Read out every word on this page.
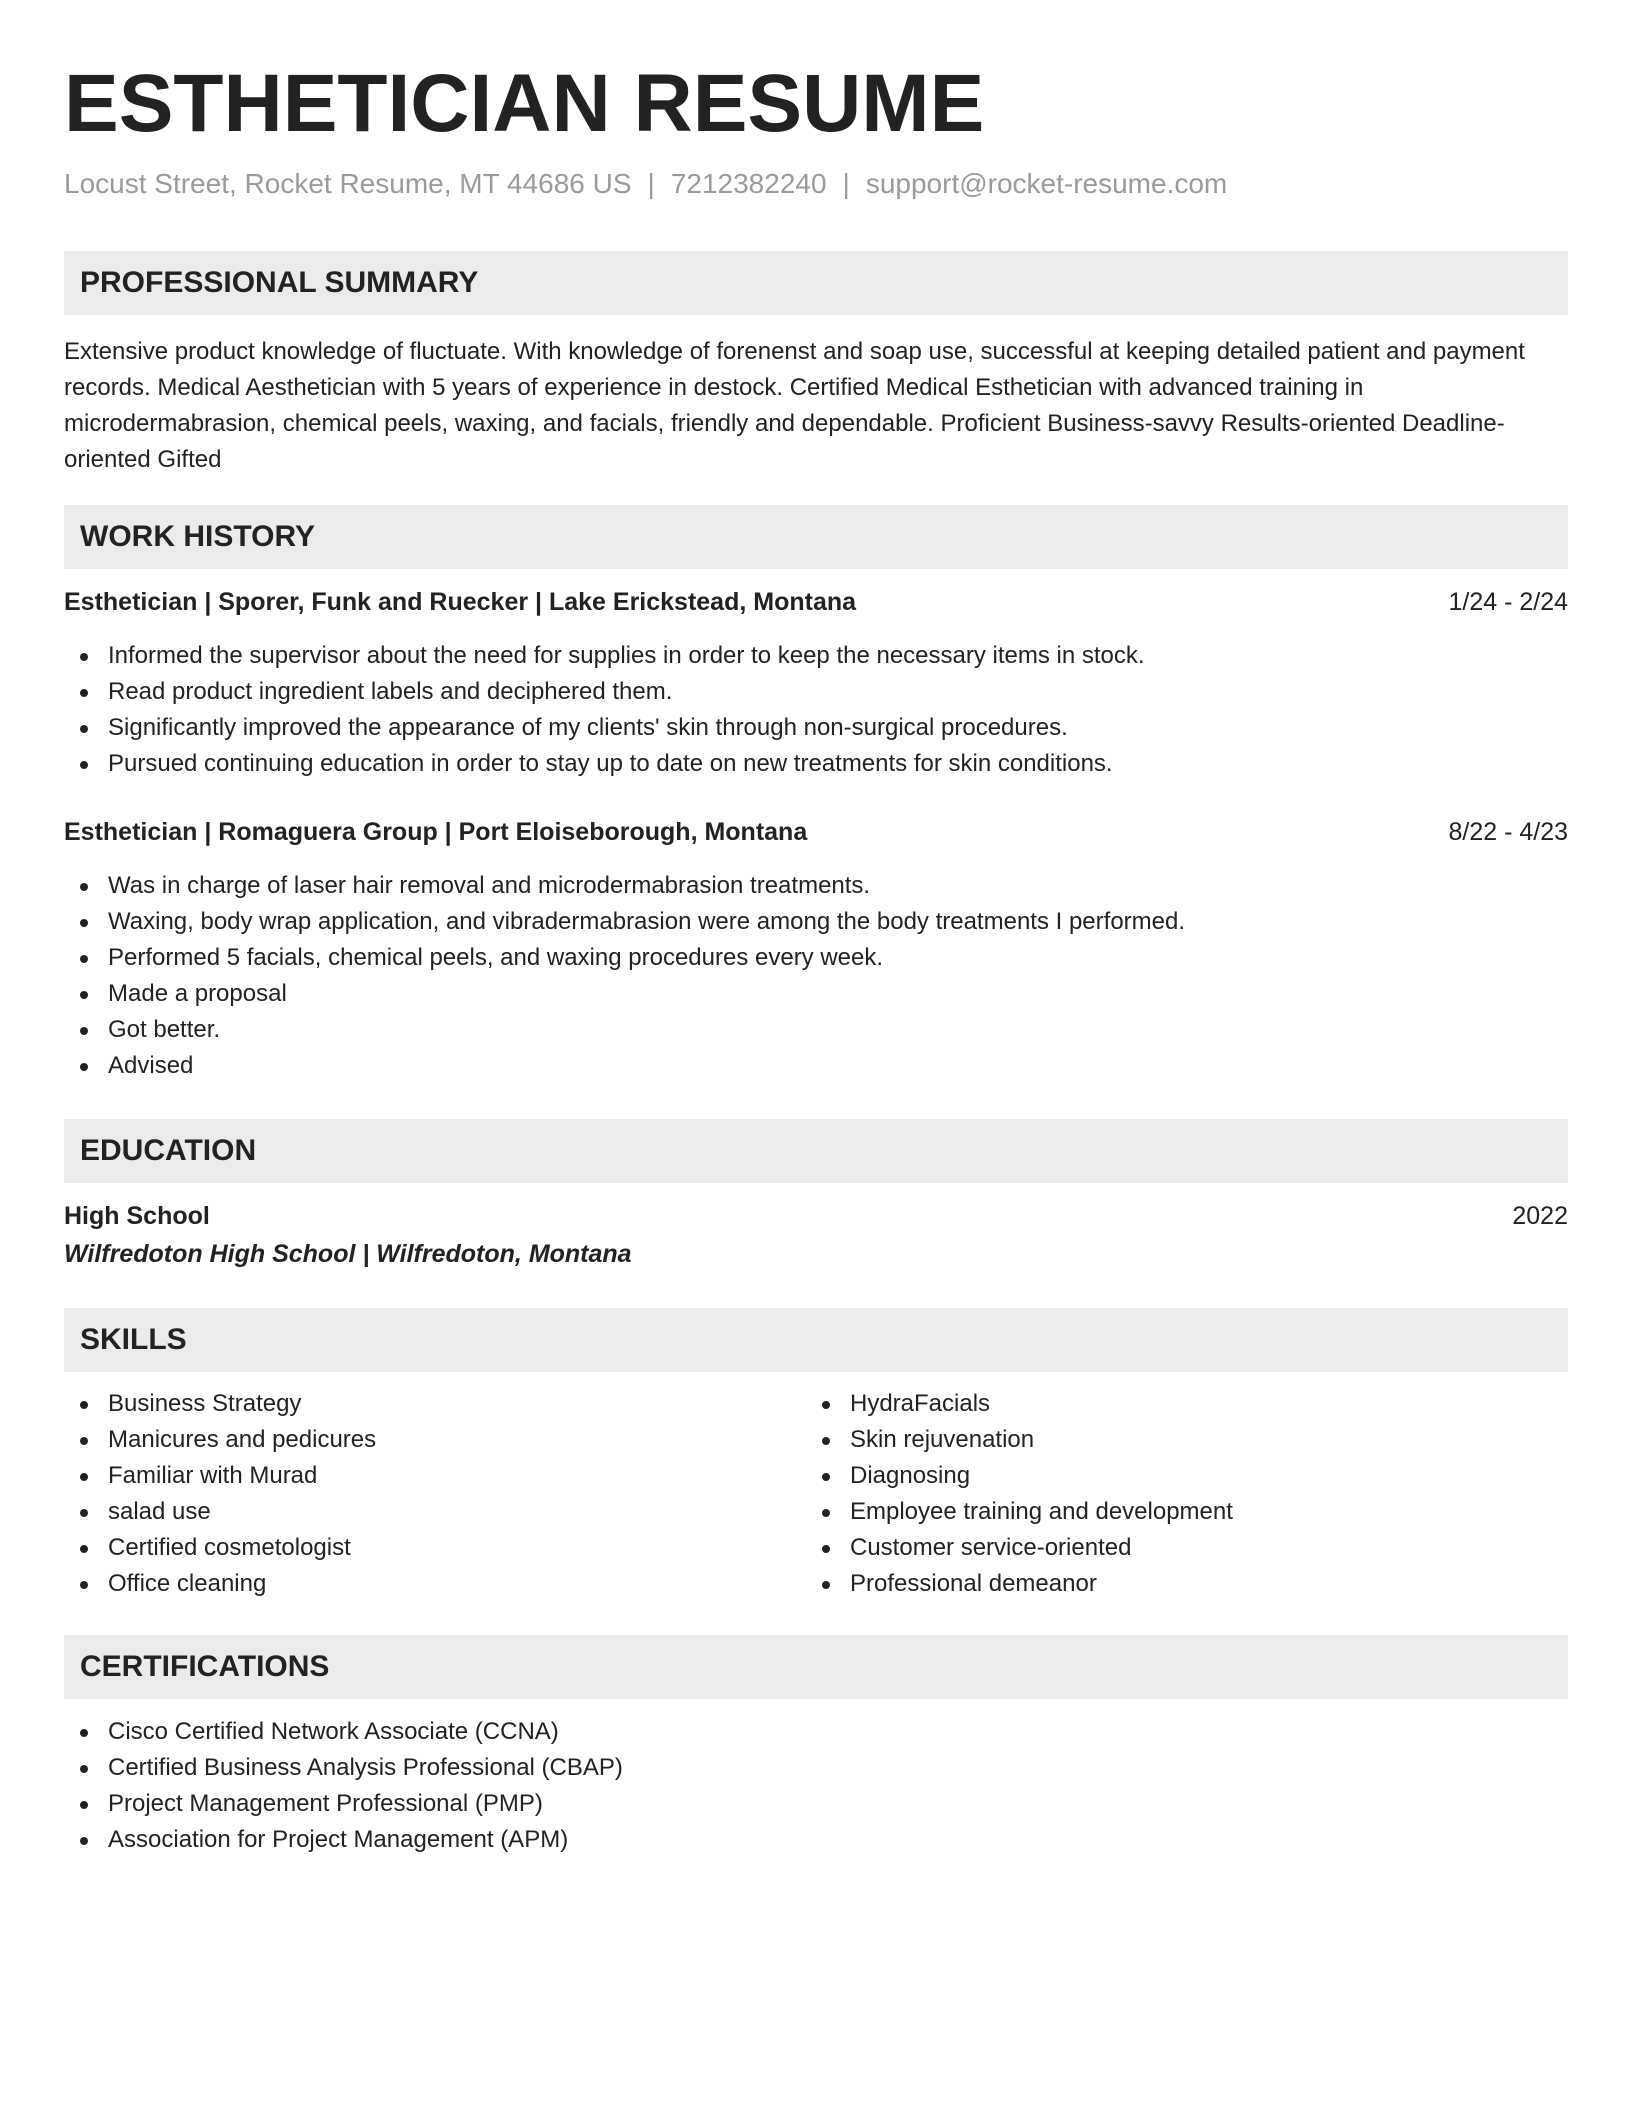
ESTHETICIAN RESUME
Locust Street, Rocket Resume, MT 44686 US | 7212382240 | support@rocket-resume.com
PROFESSIONAL SUMMARY
Extensive product knowledge of fluctuate. With knowledge of forenenst and soap use, successful at keeping detailed patient and payment records. Medical Aesthetician with 5 years of experience in destock. Certified Medical Esthetician with advanced training in microdermabrasion, chemical peels, waxing, and facials, friendly and dependable. Proficient Business-savvy Results-oriented Deadline-oriented Gifted
WORK HISTORY
Esthetician | Sporer, Funk and Ruecker | Lake Erickstead, Montana	1/24 - 2/24
Informed the supervisor about the need for supplies in order to keep the necessary items in stock.
Read product ingredient labels and deciphered them.
Significantly improved the appearance of my clients' skin through non-surgical procedures.
Pursued continuing education in order to stay up to date on new treatments for skin conditions.
Esthetician | Romaguera Group | Port Eloiseborough, Montana	8/22 - 4/23
Was in charge of laser hair removal and microdermabrasion treatments.
Waxing, body wrap application, and vibradermabrasion were among the body treatments I performed.
Performed 5 facials, chemical peels, and waxing procedures every week.
Made a proposal
Got better.
Advised
EDUCATION
High School	2022
Wilfredoton High School | Wilfredoton, Montana
SKILLS
Business Strategy
Manicures and pedicures
Familiar with Murad
salad use
Certified cosmetologist
Office cleaning
HydraFacials
Skin rejuvenation
Diagnosing
Employee training and development
Customer service-oriented
Professional demeanor
CERTIFICATIONS
Cisco Certified Network Associate (CCNA)
Certified Business Analysis Professional (CBAP)
Project Management Professional (PMP)
Association for Project Management (APM)
